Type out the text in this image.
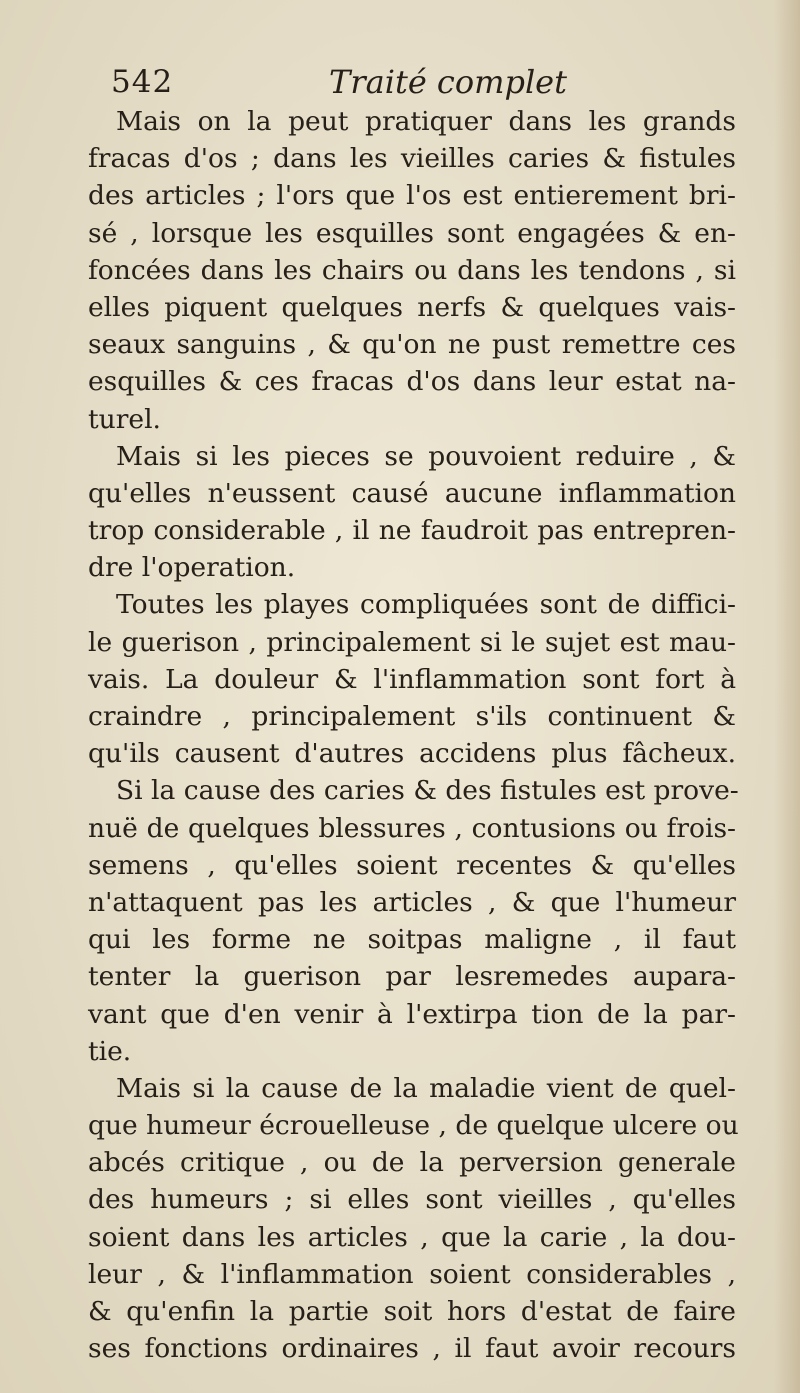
542	Traité complet

Mais on la peut pratiquer dans les grands
fracas d'os ; dans les vieilles caries & fistules
des articles ; l'ors que l'os est entierement bri-
sé , lorsque les esquilles sont engagées & en-
foncées dans les chairs ou dans les tendons , si
elles piquent quelques nerfs & quelques vais-
seaux sanguins , & qu'on ne pust remettre ces
esquilles & ces fracas d'os dans leur estat na-
turel.

Mais si les pieces se pouvoient reduire , &
qu'elles n'eussent causé aucune inflammation
trop considerable , il ne faudroit pas entrepren-
dre l'operation.

Toutes les playes compliquées sont de diffici-
le guerison , principalement si le sujet est mau-
vais. La douleur & l'inflammation sont fort à
craindre , principalement s'ils continuent &
qu'ils causent d'autres accidens plus fâcheux.

Si la cause des caries & des fistules est prove-
nuë de quelques blessures , contusions ou frois-
semens , qu'elles soient recentes & qu'elles
n'attaquent pas les articles , & que l'humeur
qui les forme ne soitpas maligne , il faut
tenter la guerison par lesremedes aupara-
vant que d'en venir à l'extirpa tion de la par-
tie.

Mais si la cause de la maladie vient de quel-
que humeur écrouelleuse , de quelque ulcere ou
abcés critique , ou de la perversion generale
des humeurs ; si elles sont vieilles , qu'elles
soient dans les articles , que la carie , la dou-
leur , & l'inflammation soient considerables ,
& qu'enfin la partie soit hors d'estat de faire
ses fonctions ordinaires , il faut avoir recours
